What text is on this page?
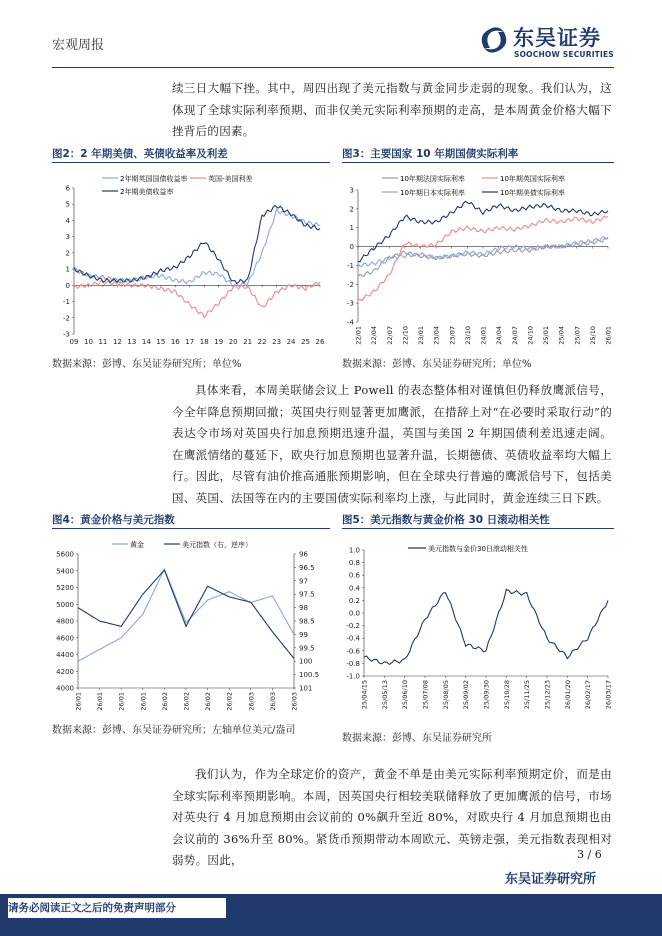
宏观周报	东吴证券
SOOCHOW SECURITIES
续三日大幅下挫。其中，周四出现了美元指数与黄金同步走弱的现象。我们认为，这体现了全球实际利率预期、而非仅美元实际利率预期的走高，是本周黄金价格大幅下挫背后的因素。
图2：2 年期美债、英债收益率及利差	图3：主要国家 10 年期国债实际利率
2年期英国国债收益率	英国-美国利差
2年期美债收益率
-3
-2
-1
0
1
2
3
4
5
6
09 10 11 12 13 14 15 16 17 18 19 20 21 22 23 24 25 26
10年期法国实际利率	10年期英国实际利率
10年期日本实际利率	10年期美债实际利率
-4
-3
-2
-1
0
1
2
3
22/01 22/04 22/07 22/10 23/01 23/04 23/07 23/10 24/01 24/04 24/07 24/10 25/01 25/04 25/07 25/10 26/01
数据来源：彭博、东吴证券研究所；单位%	数据来源：彭博、东吴证券研究所；单位%
具体来看，本周美联储会议上 Powell 的表态整体相对谨慎但仍释放鹰派信号，今全年降息预期回撤；英国央行则显著更加鹰派，在措辞上对“在必要时采取行动”的表达令市场对英国央行加息预期迅速升温，英国与美国 2 年期国债利差迅速走阔。在鹰派情绪的蔓延下，欧央行加息预期也显著升温，长期德债、英债收益率均大幅上行。因此，尽管有油价推高通胀预期影响，但在全球央行普遍的鹰派信号下，包括美国、英国、法国等在内的主要国债实际利率均上涨，与此同时，黄金连续三日下跌。
图4：黄金价格与美元指数	图5：美元指数与黄金价格 30 日滚动相关性
黄金	美元指数（右，逆序）
4000
4200
4400
4600
4800
5000
5200
5400
5600
26/01 26/01 26/01 26/01 26/02 26/02 26/02 26/02 26/03 26/03 26/03
96
96.5
97
97.5
98
98.5
99
99.5
100
100.5
101
美元指数与金价30日滚动相关性
-1.0
-0.8
-0.6
-0.4
-0.2
0.0
0.2
0.4
0.6
0.8
1.0
25/04/15 25/05/13 25/06/10 25/07/08 25/08/05 25/09/02 25/09/30 25/10/28 25/11/25 25/12/23 26/01/20 26/02/17 26/03/17
数据来源：彭博、东吴证券研究所；左轴单位美元/盎司
数据来源：彭博、东吴证券研究所
我们认为，作为全球定价的资产，黄金不单是由美元实际利率预期定价，而是由全球实际利率预期影响。本周，因英国央行相较美联储释放了更加鹰派的信号，市场对英央行 4 月加息预期由会议前的 0%飙升至近 80%，对欧央行 4 月加息预期也由会议前的 36%升至 80%。紧货币预期带动本周欧元、英镑走强，美元指数表现相对弱势。因此，	3 / 6
东吴证券研究所
请务必阅读正文之后的免责声明部分
